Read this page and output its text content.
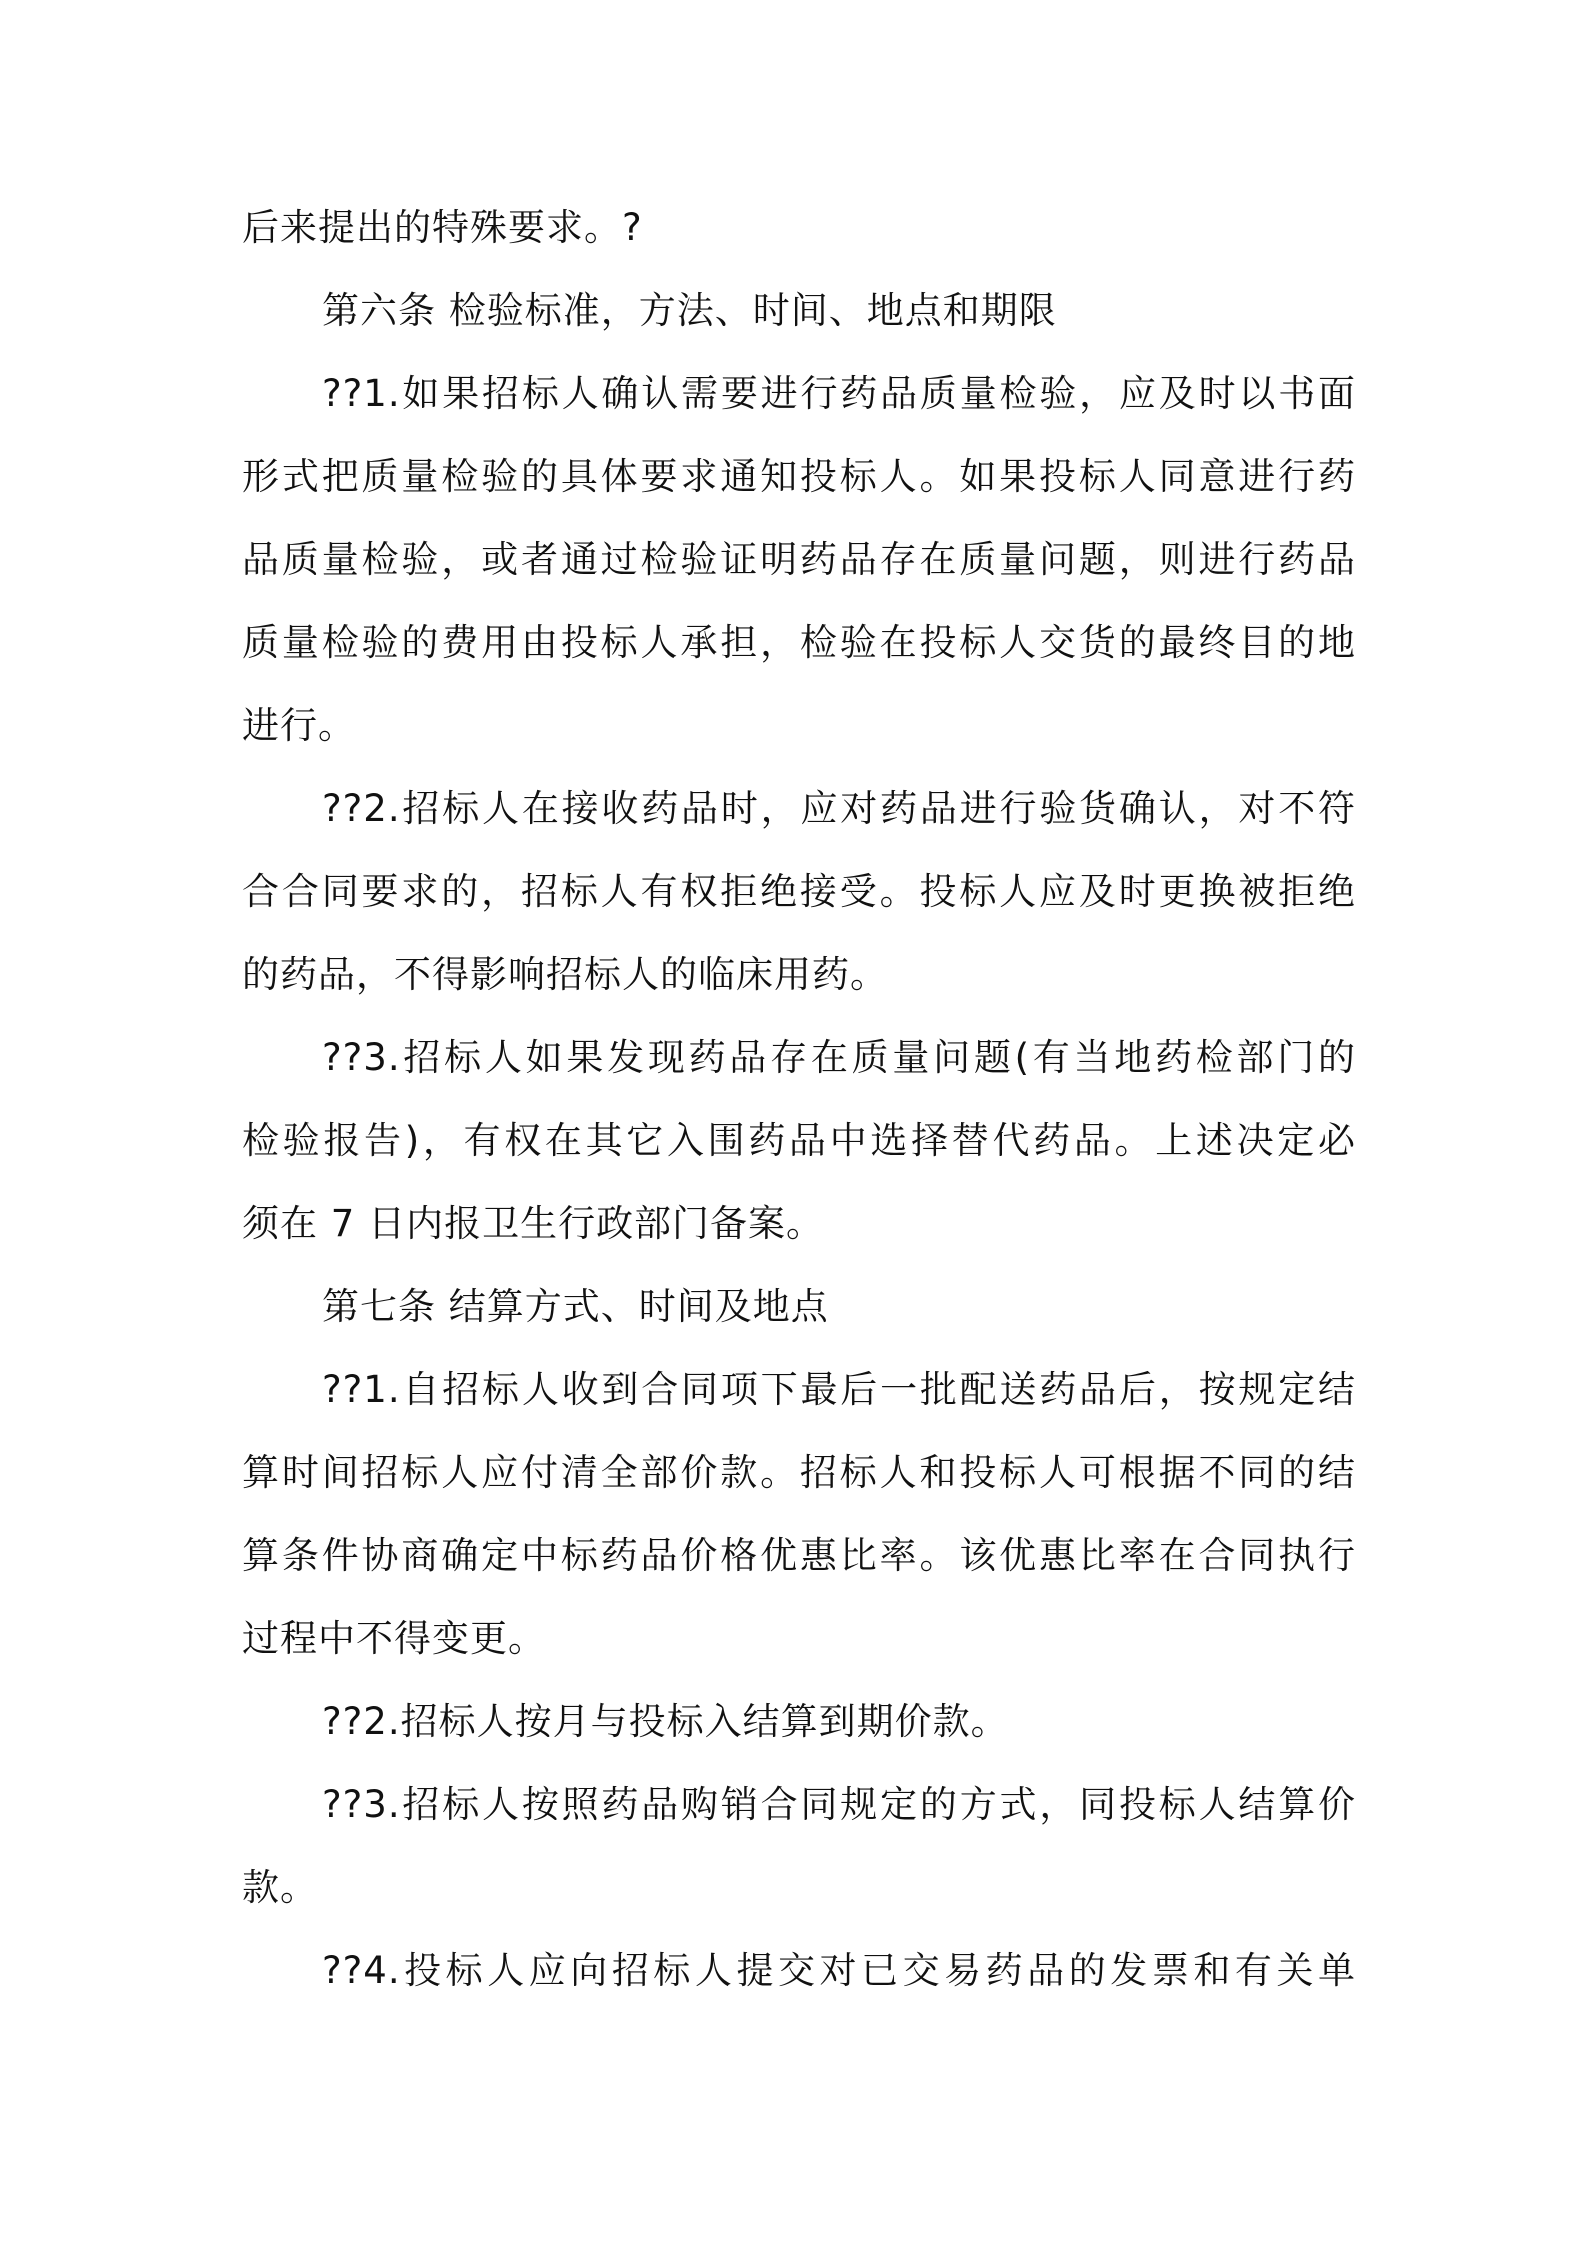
后来提出的特殊要求。?
第六条 检验标准，方法、时间、地点和期限
??1.如果招标人确认需要进行药品质量检验，应及时以书面
形式把质量检验的具体要求通知投标人。如果投标人同意进行药
品质量检验，或者通过检验证明药品存在质量问题，则进行药品
质量检验的费用由投标人承担，检验在投标人交货的最终目的地
进行。
??2.招标人在接收药品时，应对药品进行验货确认，对不符
合合同要求的，招标人有权拒绝接受。投标人应及时更换被拒绝
的药品，不得影响招标人的临床用药。
??3.招标人如果发现药品存在质量问题(有当地药检部门的
检验报告)，有权在其它入围药品中选择替代药品。上述决定必
须在 7 日内报卫生行政部门备案。
第七条 结算方式、时间及地点
??1.自招标人收到合同项下最后一批配送药品后，按规定结
算时间招标人应付清全部价款。招标人和投标人可根据不同的结
算条件协商确定中标药品价格优惠比率。该优惠比率在合同执行
过程中不得变更。
??2.招标人按月与投标入结算到期价款。
??3.招标人按照药品购销合同规定的方式，同投标人结算价
款。
??4.投标人应向招标人提交对已交易药品的发票和有关单
